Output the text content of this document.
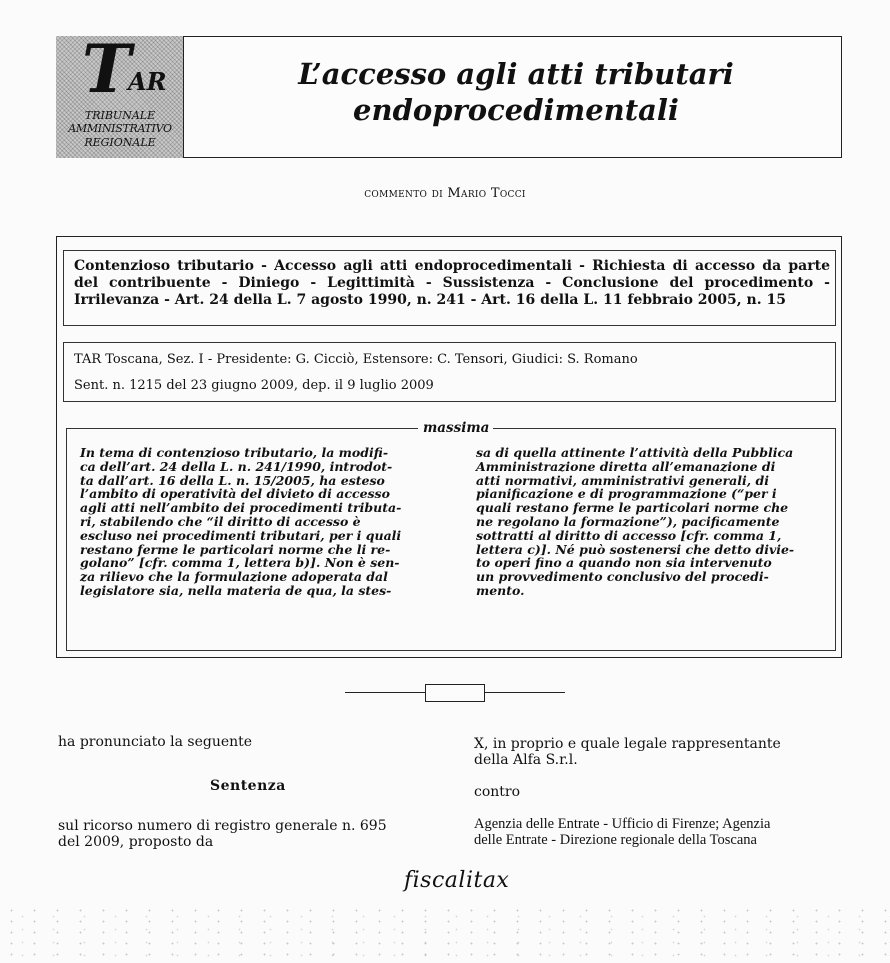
T
AR
TRIBUNALE
AMMINISTRATIVO
REGIONALE
L’accesso agli atti tributari
endoprocedimentali
commento di Mario Tocci
Contenzioso tributario - Accesso agli atti endoprocedimentali - Richiesta di accesso da parte del contribuente - Diniego - Legittimità - Sussistenza - Conclusione del procedimento - Irrilevanza - Art. 24 della L. 7 agosto 1990, n. 241 - Art. 16 della L. 11 febbraio 2005, n. 15
TAR Toscana, Sez. I - Presidente: G. Cicciò, Estensore: C. Tensori, Giudici: S. Romano
Sent. n. 1215 del 23 giugno 2009, dep. il 9 luglio 2009
massima
In tema di contenzioso tributario, la modifi-
ca dell’art. 24 della L. n. 241/1990, introdot-
ta dall’art. 16 della L. n. 15/2005, ha esteso
l’ambito di operatività del divieto di accesso
agli atti nell’ambito dei procedimenti tributa-
ri, stabilendo che “il diritto di accesso è
escluso nei procedimenti tributari, per i quali
restano ferme le particolari norme che li re-
golano” [cfr. comma 1, lettera b)]. Non è sen-
za rilievo che la formulazione adoperata dal
legislatore sia, nella materia de qua, la stes-
sa di quella attinente l’attività della Pubblica
Amministrazione diretta all’emanazione di
atti normativi, amministrativi generali, di
pianificazione e di programmazione (“per i
quali restano ferme le particolari norme che
ne regolano la formazione”), pacificamente
sottratti al diritto di accesso [cfr. comma 1,
lettera c)]. Né può sostenersi che detto divie-
to operi fino a quando non sia intervenuto
un provvedimento conclusivo del procedi-
mento.
ha pronunciato la seguente
Sentenza
sul ricorso numero di registro generale n. 695
del 2009, proposto da
X, in proprio e quale legale rappresentante
della Alfa S.r.l.
contro
Agenzia delle Entrate - Ufficio di Firenze; Agenzia
delle Entrate - Direzione regionale della Toscana
fiscalitax
